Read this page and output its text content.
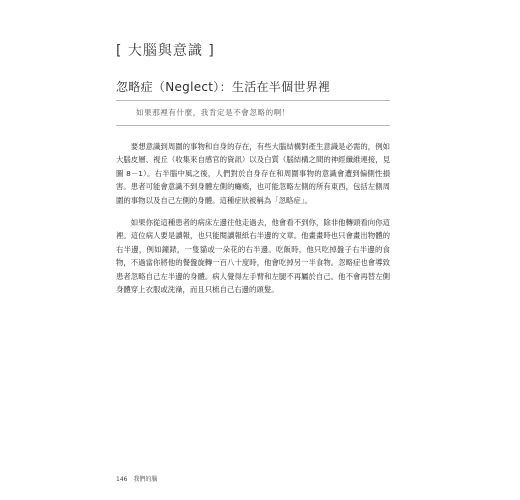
[ 大腦與意識 ]
忽略症（Neglect）：生活在半個世界裡
如果那裡有什麼，我肯定是不會忽略的啊！

要想意識到周圍的事物和自身的存在，有些大腦結構對產生意識是必需的，例如大腦皮層、視丘（收集來自感官的資訊）以及白質（腦結構之間的神經纖維連接，見圖 8－1）。右半腦中風之後，人們對於自身存在和周圍事物的意識會遭到偏側性損害。患者可能會意識不到身體左側的癱瘓，也可能忽略左側的所有東西，包括左側周圍的事物以及自己左側的身體。這種症狀被稱為「忽略症」。

如果你從這種患者的病床左邊往他走過去，他會看不到你，除非他轉頭看向你這裡。這位病人要是讀報，也只能閱讀報紙右半邊的文章。他畫畫時也只會畫出物體的右半邊，例如鐘錶，一隻貓或一朵花的右半邊。吃飯時，他只吃掉盤子右半邊的食物，不過當你將他的餐盤旋轉一百八十度時，他會吃掉另一半食物。忽略症也會導致患者忽略自己左半邊的身體。病人覺得左手臂和左腿不再屬於自己。他不會再替左側身體穿上衣服或洗澡，而且只梳自己右邊的頭髮。

146 我們的腦
